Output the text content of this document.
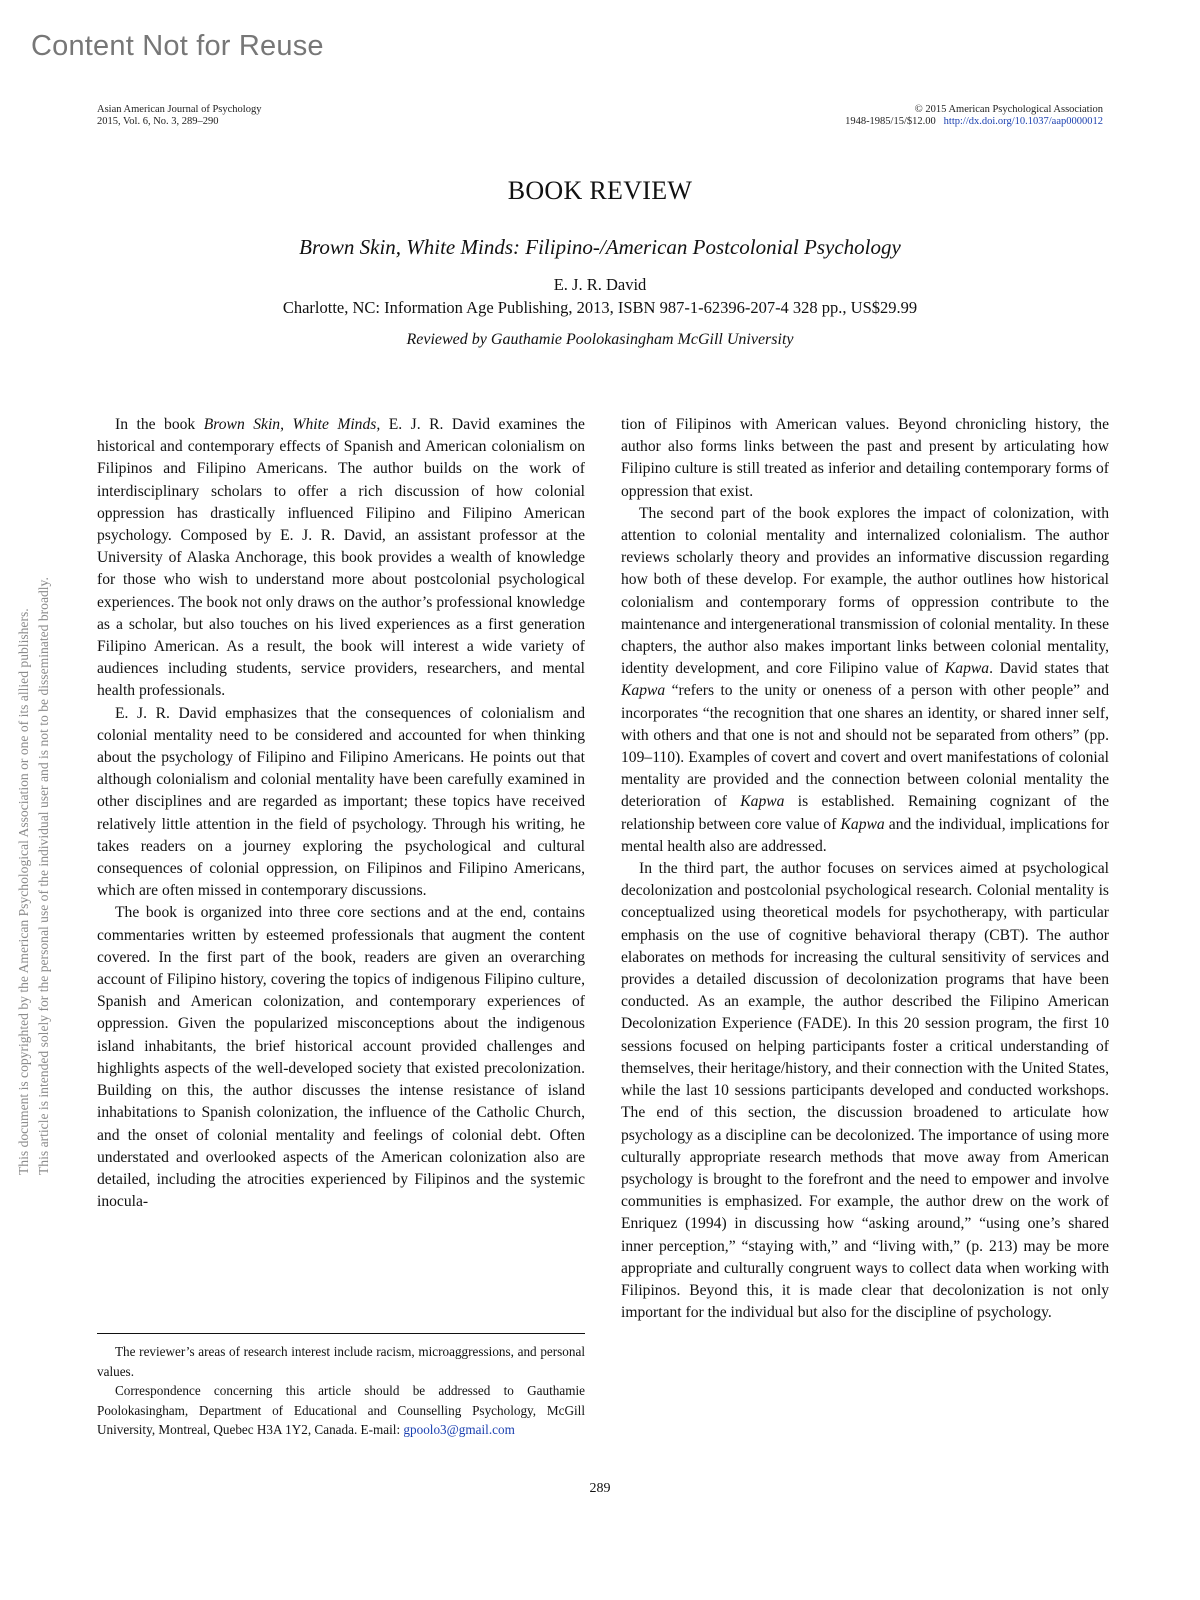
Content Not for Reuse
This document is copyrighted by the American Psychological Association or one of its allied publishers. This article is intended solely for the personal use of the individual user and is not to be disseminated broadly.
Asian American Journal of Psychology
2015, Vol. 6, No. 3, 289–290
© 2015 American Psychological Association
1948-1985/15/$12.00 http://dx.doi.org/10.1037/aap0000012
BOOK REVIEW
Brown Skin, White Minds: Filipino-/American Postcolonial Psychology
E. J. R. David
Charlotte, NC: Information Age Publishing, 2013, ISBN 987-1-62396-207-4 328 pp., US$29.99
Reviewed by Gauthamie Poolokasingham McGill University

In the book Brown Skin, White Minds, E. J. R. David examines the historical and contemporary effects of Spanish and American colonialism on Filipinos and Filipino Americans. The author builds on the work of interdisciplinary scholars to offer a rich discussion of how colonial oppression has drastically influenced Filipino and Filipino American psychology. Composed by E. J. R. David, an assistant professor at the University of Alaska Anchorage, this book provides a wealth of knowledge for those who wish to understand more about postcolonial psychological experiences. The book not only draws on the author’s professional knowledge as a scholar, but also touches on his lived experiences as a first generation Filipino American. As a result, the book will interest a wide variety of audiences including students, service providers, researchers, and mental health professionals.

E. J. R. David emphasizes that the consequences of colonialism and colonial mentality need to be considered and accounted for when thinking about the psychology of Filipino and Filipino Americans. He points out that although colonialism and colonial mentality have been carefully examined in other disciplines and are regarded as important; these topics have received relatively little attention in the field of psychology. Through his writing, he takes readers on a journey exploring the psychological and cultural consequences of colonial oppression, on Filipinos and Filipino Americans, which are often missed in contemporary discussions.

The book is organized into three core sections and at the end, contains commentaries written by esteemed professionals that augment the content covered. In the first part of the book, readers are given an overarching account of Filipino history, covering the topics of indigenous Filipino culture, Spanish and American colonization, and contemporary experiences of oppression. Given the popularized misconceptions about the indigenous island inhabitants, the brief historical account provided challenges and highlights aspects of the well-developed society that existed precolonization. Building on this, the author discusses the intense resistance of island inhabitations to Spanish colonization, the influence of the Catholic Church, and the onset of colonial mentality and feelings of colonial debt. Often understated and overlooked aspects of the American colonization also are detailed, including the atrocities experienced by Filipinos and the systemic inocula-

tion of Filipinos with American values. Beyond chronicling history, the author also forms links between the past and present by articulating how Filipino culture is still treated as inferior and detailing contemporary forms of oppression that exist.

The second part of the book explores the impact of colonization, with attention to colonial mentality and internalized colonialism. The author reviews scholarly theory and provides an informative discussion regarding how both of these develop. For example, the author outlines how historical colonialism and contemporary forms of oppression contribute to the maintenance and intergenerational transmission of colonial mentality. In these chapters, the author also makes important links between colonial mentality, identity development, and core Filipino value of Kapwa. David states that Kapwa “refers to the unity or oneness of a person with other people” and incorporates “the recognition that one shares an identity, or shared inner self, with others and that one is not and should not be separated from others” (pp. 109–110). Examples of covert and covert and overt manifestations of colonial mentality are provided and the connection between colonial mentality the deterioration of Kapwa is established. Remaining cognizant of the relationship between core value of Kapwa and the individual, implications for mental health also are addressed.

In the third part, the author focuses on services aimed at psychological decolonization and postcolonial psychological research. Colonial mentality is conceptualized using theoretical models for psychotherapy, with particular emphasis on the use of cognitive behavioral therapy (CBT). The author elaborates on methods for increasing the cultural sensitivity of services and provides a detailed discussion of decolonization programs that have been conducted. As an example, the author described the Filipino American Decolonization Experience (FADE). In this 20 session program, the first 10 sessions focused on helping participants foster a critical understanding of themselves, their heritage/history, and their connection with the United States, while the last 10 sessions participants developed and conducted workshops. The end of this section, the discussion broadened to articulate how psychology as a discipline can be decolonized. The importance of using more culturally appropriate research methods that move away from American psychology is brought to the forefront and the need to empower and involve communities is emphasized. For example, the author drew on the work of Enriquez (1994) in discussing how “asking around,” “using one’s shared inner perception,” “staying with,” and “living with,” (p. 213) may be more appropriate and culturally congruent ways to collect data when working with Filipinos. Beyond this, it is made clear that decolonization is not only important for the individual but also for the discipline of psychology.

The reviewer’s areas of research interest include racism, microaggressions, and personal values.

Correspondence concerning this article should be addressed to Gauthamie Poolokasingham, Department of Educational and Counselling Psychology, McGill University, Montreal, Quebec H3A 1Y2, Canada. E-mail: gpoolo3@gmail.com

289
